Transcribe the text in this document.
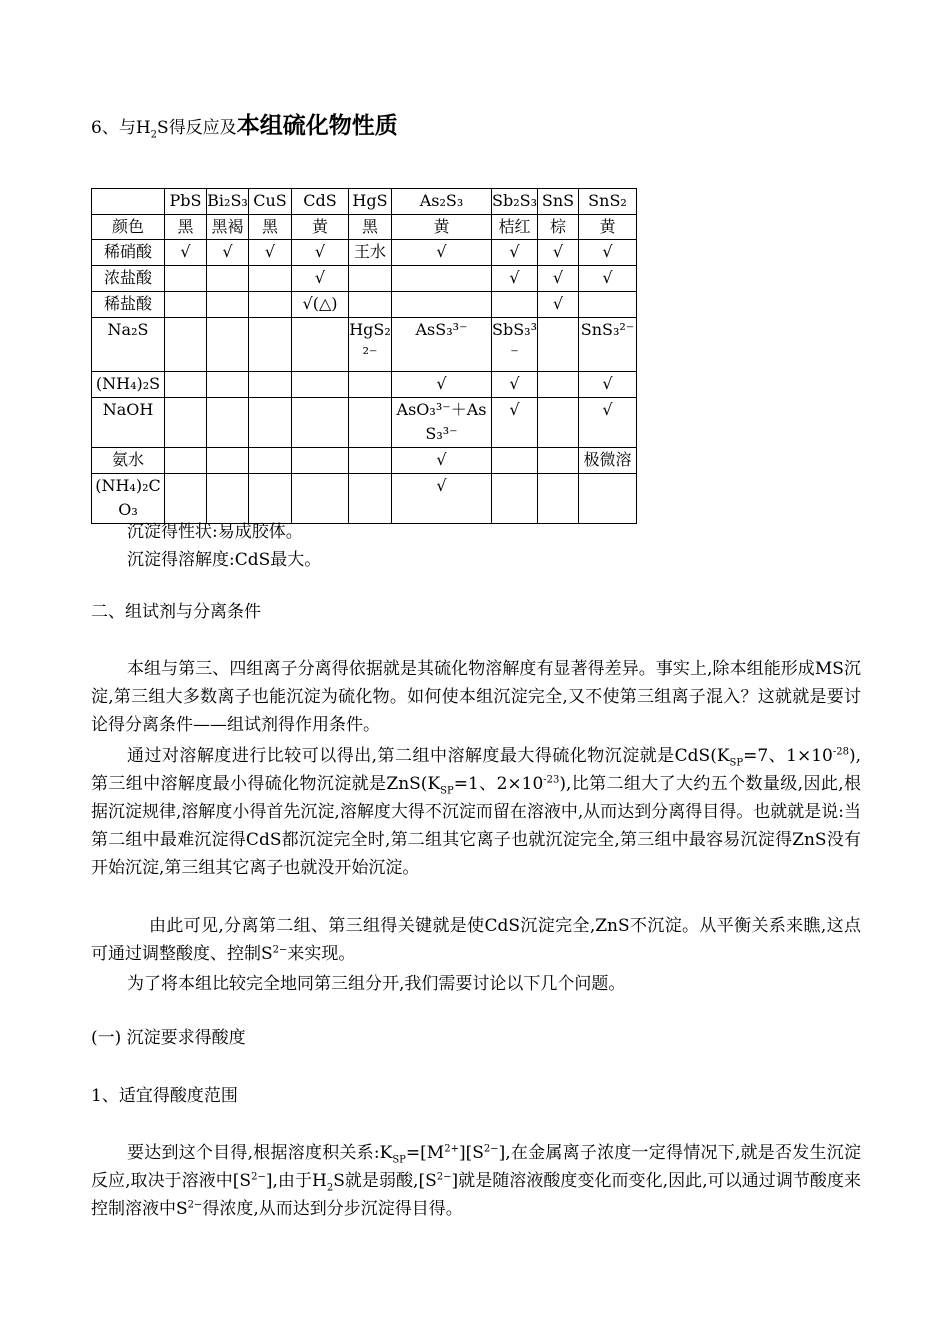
6、与$H_2S$得反应及本组硫化物性质
	PbS	Bi₂S₃	CuS	CdS	HgS	As₂S₃	Sb₂S₃	SnS	SnS₂
颜色	黑	黑褐	黑	黄	黑	黄	桔红	棕	黄
稀硝酸	√	√	√	√	王水	√	√	√	√
浓盐酸				√			√	√	√
稀盐酸				√(△)				√	
Na₂S					HgS₂²⁻	AsS₃³⁻	SbS₃³⁻		SnS₃²⁻
(NH₄)₂S						√	√		√
NaOH						AsO₃³⁻＋AsS₃³⁻	√		√
氨水						√			极微溶
(NH₄)₂CO₃						√			
沉淀得性状:易成胶体。
沉淀得溶解度:CdS最大。
二、组试剂与分离条件
本组与第三、四组离子分离得依据就是其硫化物溶解度有显著得差异。事实上,除本组能形成MS沉淀,第三组大多数离子也能沉淀为硫化物。如何使本组沉淀完全,又不使第三组离子混入？这就就是要讨论得分离条件——组试剂得作用条件。
通过对溶解度进行比较可以得出,第二组中溶解度最大得硫化物沉淀就是$CdS(K_{SP}=7$、$1\times 10^{-28}$),第三组中溶解度最小得硫化物沉淀就是$ZnS(K_{SP}=1$、$2\times 10^{-23}$),比第二组大了大约五个数量级,因此,根据沉淀规律,溶解度小得首先沉淀,溶解度大得不沉淀而留在溶液中,从而达到分离得目得。也就就是说:当第二组中最难沉淀得CdS都沉淀完全时,第二组其它离子也就沉淀完全,第三组中最容易沉淀得ZnS没有开始沉淀,第三组其它离子也就没开始沉淀。
由此可见,分离第二组、第三组得关键就是使CdS沉淀完全,ZnS不沉淀。从平衡关系来瞧,这点可通过调整酸度、控制$S^{2-}$来实现。
为了将本组比较完全地同第三组分开,我们需要讨论以下几个问题。
(一) 沉淀要求得酸度
1、适宜得酸度范围
要达到这个目得,根据溶度积关系$:K_{SP}=[M^{2+}][S^{2-}]$,在金属离子浓度一定得情况下,就是否发生沉淀反应,取决于溶液中$[S^{2-}]$,由于$H_2S$就是弱酸$,[S^{2-}]$就是随溶液酸度变化而变化,因此,可以通过调节酸度来控制溶液中$S^{2-}$得浓度,从而达到分步沉淀得目得。
